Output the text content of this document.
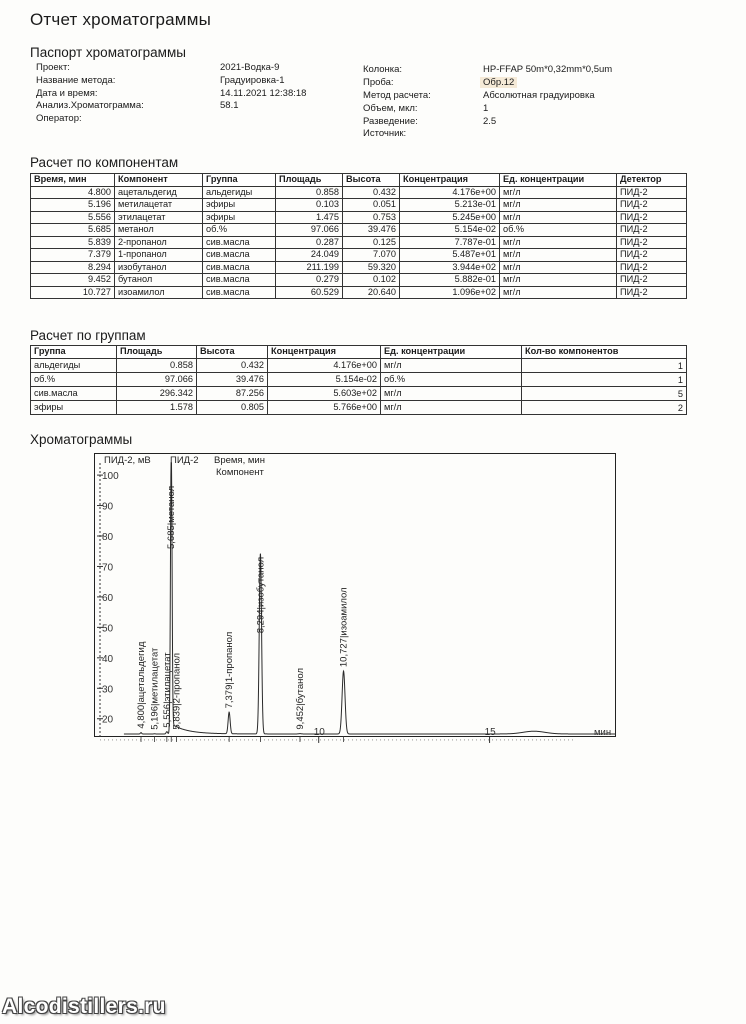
Отчет хроматограммы
Паспорт хроматограммы
Проект:	2021-Водка-9
Название метода:	Градуировка-1
Дата и время:	14.11.2021 12:38:18
Анализ.Хроматограмма:	58.1
Оператор:
Колонка:	HP-FFAP 50m*0,32mm*0,5um
Проба:	Обр.12
Метод расчета:	Абсолютная градуировка
Объем, мкл:	1
Разведение:	2.5
Источник:
Расчет по компонентам
Время, мин	Компонент	Группа	Площадь	Высота	Концентрация	Ед. концентрации	Детектор
4.800	ацетальдегид	альдегиды	0.858	0.432	4.176e+00	мг/л	ПИД-2
5.196	метилацетат	эфиры	0.103	0.051	5.213e-01	мг/л	ПИД-2
5.556	этилацетат	эфиры	1.475	0.753	5.245e+00	мг/л	ПИД-2
5.685	метанол	об.%	97.066	39.476	5.154e-02	об.%	ПИД-2
5.839	2-пропанол	сив.масла	0.287	0.125	7.787e-01	мг/л	ПИД-2
7.379	1-пропанол	сив.масла	24.049	7.070	5.487e+01	мг/л	ПИД-2
8.294	изобутанол	сив.масла	211.199	59.320	3.944e+02	мг/л	ПИД-2
9.452	бутанол	сив.масла	0.279	0.102	5.882e-01	мг/л	ПИД-2
10.727	изоамилол	сив.масла	60.529	20.640	1.096e+02	мг/л	ПИД-2
Расчет по группам
Группа	Площадь	Высота	Концентрация	Ед. концентрации	Кол-во компонентов
альдегиды	0.858	0.432	4.176e+00	мг/л	1
об.%	97.066	39.476	5.154e-02	об.%	1
сив.масла	296.342	87.256	5.603e+02	мг/л	5
эфиры	1.578	0.805	5.766e+00	мг/л	2
Хроматограммы
ПИД-2, мВ ПИД-2 Время, мин
Компонент
20
30
40
50
60
70
80
90
100
10	15	мин
4,800|ацетальдегид 5,196|метилацетат 5,556|этилацетат
5,685|метанол
5,839|2-пропанол	7,379|1-пропанол
8,294|изобутанол
9,452|бутанол
10,727|изоамилол
Alcodistillers.ru
